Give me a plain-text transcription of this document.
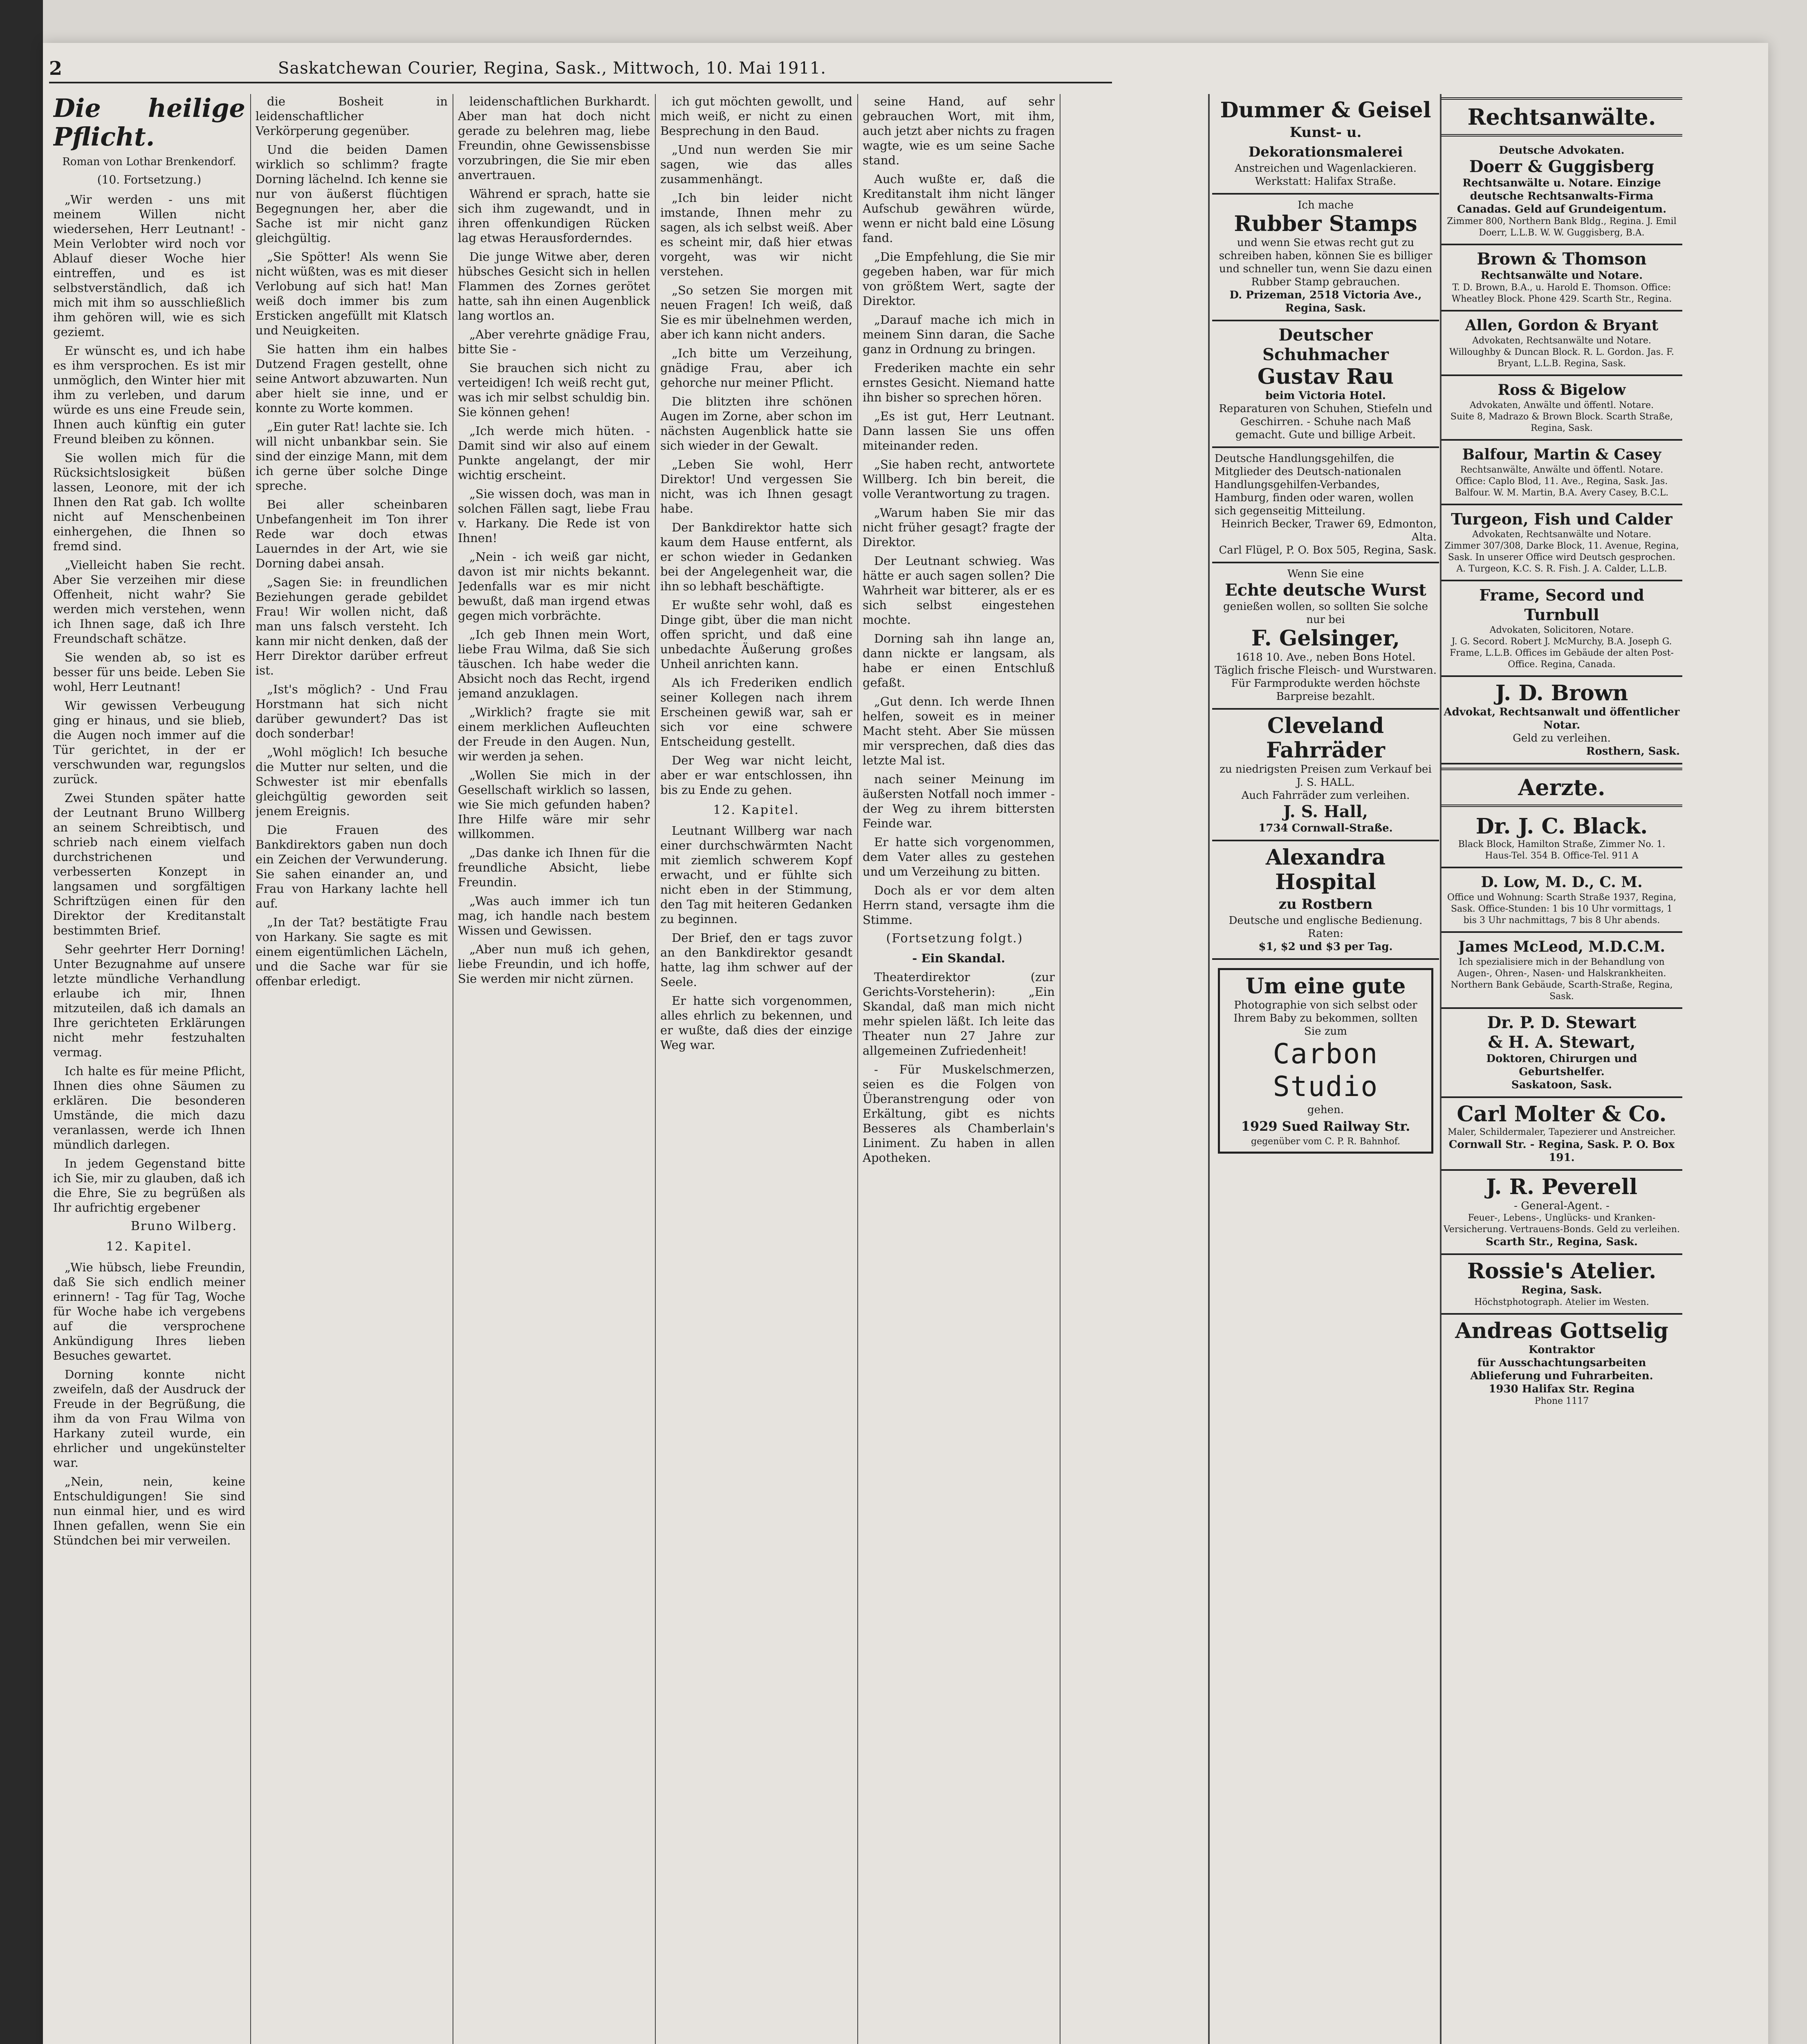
2	Saskatchewan Courier, Regina, Sask., Mittwoch, 10. Mai 1911.
Die heilige Pflicht.
Roman von Lothar Brenkendorf.
(10. Fortsetzung.)

„Wir werden - uns mit meinem Willen nicht wiedersehen, Herr Leutnant! - Mein Verlobter wird noch vor Ablauf dieser Woche hier eintreffen, und es ist selbstverständlich, daß ich mich mit ihm so ausschließlich ihm gehören will, wie es sich geziemt.

Er wünscht es, und ich habe es ihm versprochen. Es ist mir unmöglich, den Winter hier mit ihm zu verleben, und darum würde es uns eine Freude sein, Ihnen auch künftig ein guter Freund bleiben zu können.

Sie wollen mich für die Rücksichtslosigkeit büßen lassen, Leonore, mit der ich Ihnen den Rat gab. Ich wollte nicht auf Menschenbeinen einhergehen, die Ihnen so fremd sind.

„Vielleicht haben Sie recht. Aber Sie verzeihen mir diese Offenheit, nicht wahr? Sie werden mich verstehen, wenn ich Ihnen sage, daß ich Ihre Freundschaft schätze.

Sie wenden ab, so ist es besser für uns beide. Leben Sie wohl, Herr Leutnant!

Wir gewissen Verbeugung ging er hinaus, und sie blieb, die Augen noch immer auf die Tür gerichtet, in der er verschwunden war, regungslos zurück.

Zwei Stunden später hatte der Leutnant Bruno Willberg an seinem Schreibtisch, und schrieb nach einem vielfach durchstrichenen und verbesserten Konzept in langsamen und sorgfältigen Schriftzügen einen für den Direktor der Kreditanstalt bestimmten Brief.

Sehr geehrter Herr Dorning! Unter Bezugnahme auf unsere letzte mündliche Verhandlung erlaube ich mir, Ihnen mitzuteilen, daß ich damals an Ihre gerichteten Erklärungen nicht mehr festzuhalten vermag.

Ich halte es für meine Pflicht, Ihnen dies ohne Säumen zu erklären. Die besonderen Umstände, die mich dazu veranlassen, werde ich Ihnen mündlich darlegen.

In jedem Gegenstand bitte ich Sie, mir zu glauben, daß ich die Ehre, Sie zu begrüßen als Ihr aufrichtig ergebener

Bruno Wilberg.
12. Kapitel.

„Wie hübsch, liebe Freundin, daß Sie sich endlich meiner erinnern! - Tag für Tag, Woche für Woche habe ich vergebens auf die versprochene Ankündigung Ihres lieben Besuches gewartet.

Dorning konnte nicht zweifeln, daß der Ausdruck der Freude in der Begrüßung, die ihm da von Frau Wilma von Harkany zuteil wurde, ein ehrlicher und ungekünstelter war.

„Nein, nein, keine Entschuldigungen! Sie sind nun einmal hier, und es wird Ihnen gefallen, wenn Sie ein Stündchen bei mir verweilen.

die Bosheit in leidenschaftlicher Verkörperung gegenüber.

Und die beiden Damen wirklich so schlimm? fragte Dorning lächelnd. Ich kenne sie nur von äußerst flüchtigen Begegnungen her, aber die Sache ist mir nicht ganz gleichgültig.

„Sie Spötter! Als wenn Sie nicht wüßten, was es mit dieser Verlobung auf sich hat! Man weiß doch immer bis zum Ersticken angefüllt mit Klatsch und Neuigkeiten.

Sie hatten ihm ein halbes Dutzend Fragen gestellt, ohne seine Antwort abzuwarten. Nun aber hielt sie inne, und er konnte zu Worte kommen.

„Ein guter Rat! lachte sie. Ich will nicht unbankbar sein. Sie sind der einzige Mann, mit dem ich gerne über solche Dinge spreche.

Bei aller scheinbaren Unbefangenheit im Ton ihrer Rede war doch etwas Lauerndes in der Art, wie sie Dorning dabei ansah.

„Sagen Sie: in freundlichen Beziehungen gerade gebildet Frau! Wir wollen nicht, daß man uns falsch versteht. Ich kann mir nicht denken, daß der Herr Direktor darüber erfreut ist.

„Ist's möglich? - Und Frau Horstmann hat sich nicht darüber gewundert? Das ist doch sonderbar!

„Wohl möglich! Ich besuche die Mutter nur selten, und die Schwester ist mir ebenfalls gleichgültig geworden seit jenem Ereignis.

Die Frauen des Bankdirektors gaben nun doch ein Zeichen der Verwunderung. Sie sahen einander an, und Frau von Harkany lachte hell auf.

„In der Tat? bestätigte Frau von Harkany. Sie sagte es mit einem eigentümlichen Lächeln, und die Sache war für sie offenbar erledigt.

leidenschaftlichen Burkhardt. Aber man hat doch nicht gerade zu belehren mag, liebe Freundin, ohne Gewissensbisse vorzubringen, die Sie mir eben anvertrauen.

Während er sprach, hatte sie sich ihm zugewandt, und in ihren offenkundigen Rücken lag etwas Herausforderndes.

Die junge Witwe aber, deren hübsches Gesicht sich in hellen Flammen des Zornes gerötet hatte, sah ihn einen Augenblick lang wortlos an.

„Aber verehrte gnädige Frau, bitte Sie -

Sie brauchen sich nicht zu verteidigen! Ich weiß recht gut, was ich mir selbst schuldig bin. Sie können gehen!

„Ich werde mich hüten. - Damit sind wir also auf einem Punkte angelangt, der mir wichtig erscheint.

„Sie wissen doch, was man in solchen Fällen sagt, liebe Frau v. Harkany. Die Rede ist von Ihnen!

„Nein - ich weiß gar nicht, davon ist mir nichts bekannt. Jedenfalls war es mir nicht bewußt, daß man irgend etwas gegen mich vorbrächte.

„Ich geb Ihnen mein Wort, liebe Frau Wilma, daß Sie sich täuschen. Ich habe weder die Absicht noch das Recht, irgend jemand anzuklagen.

„Wirklich? fragte sie mit einem merklichen Aufleuchten der Freude in den Augen. Nun, wir werden ja sehen.

„Wollen Sie mich in der Gesellschaft wirklich so lassen, wie Sie mich gefunden haben? Ihre Hilfe wäre mir sehr willkommen.

„Das danke ich Ihnen für die freundliche Absicht, liebe Freundin.

„Was auch immer ich tun mag, ich handle nach bestem Wissen und Gewissen.

„Aber nun muß ich gehen, liebe Freundin, und ich hoffe, Sie werden mir nicht zürnen.

ich gut möchten gewollt, und mich weiß, er nicht zu einen Besprechung in den Baud.

„Und nun werden Sie mir sagen, wie das alles zusammenhängt.

„Ich bin leider nicht imstande, Ihnen mehr zu sagen, als ich selbst weiß. Aber es scheint mir, daß hier etwas vorgeht, was wir nicht verstehen.

„So setzen Sie morgen mit neuen Fragen! Ich weiß, daß Sie es mir übelnehmen werden, aber ich kann nicht anders.

„Ich bitte um Verzeihung, gnädige Frau, aber ich gehorche nur meiner Pflicht.

Die blitzten ihre schönen Augen im Zorne, aber schon im nächsten Augenblick hatte sie sich wieder in der Gewalt.

„Leben Sie wohl, Herr Direktor! Und vergessen Sie nicht, was ich Ihnen gesagt habe.

Der Bankdirektor hatte sich kaum dem Hause entfernt, als er schon wieder in Gedanken bei der Angelegenheit war, die ihn so lebhaft beschäftigte.

Er wußte sehr wohl, daß es Dinge gibt, über die man nicht offen spricht, und daß eine unbedachte Äußerung großes Unheil anrichten kann.

Als ich Frederiken endlich seiner Kollegen nach ihrem Erscheinen gewiß war, sah er sich vor eine schwere Entscheidung gestellt.

Der Weg war nicht leicht, aber er war entschlossen, ihn bis zu Ende zu gehen.

12. Kapitel.

Leutnant Willberg war nach einer durchschwärmten Nacht mit ziemlich schwerem Kopf erwacht, und er fühlte sich nicht eben in der Stimmung, den Tag mit heiteren Gedanken zu beginnen.

Der Brief, den er tags zuvor an den Bankdirektor gesandt hatte, lag ihm schwer auf der Seele.

Er hatte sich vorgenommen, alles ehrlich zu bekennen, und er wußte, daß dies der einzige Weg war.

seine Hand, auf sehr gebrauchen Wort, mit ihm, auch jetzt aber nichts zu fragen wagte, wie es um seine Sache stand.

Auch wußte er, daß die Kreditanstalt ihm nicht länger Aufschub gewähren würde, wenn er nicht bald eine Lösung fand.

„Die Empfehlung, die Sie mir gegeben haben, war für mich von größtem Wert, sagte der Direktor.

„Darauf mache ich mich in meinem Sinn daran, die Sache ganz in Ordnung zu bringen.

Frederiken machte ein sehr ernstes Gesicht. Niemand hatte ihn bisher so sprechen hören.

„Es ist gut, Herr Leutnant. Dann lassen Sie uns offen miteinander reden.

„Sie haben recht, antwortete Willberg. Ich bin bereit, die volle Verantwortung zu tragen.

„Warum haben Sie mir das nicht früher gesagt? fragte der Direktor.

Der Leutnant schwieg. Was hätte er auch sagen sollen? Die Wahrheit war bitterer, als er es sich selbst eingestehen mochte.

Dorning sah ihn lange an, dann nickte er langsam, als habe er einen Entschluß gefaßt.

„Gut denn. Ich werde Ihnen helfen, soweit es in meiner Macht steht. Aber Sie müssen mir versprechen, daß dies das letzte Mal ist.

nach seiner Meinung im äußersten Notfall noch immer - der Weg zu ihrem bittersten Feinde war.

Er hatte sich vorgenommen, dem Vater alles zu gestehen und um Verzeihung zu bitten.

Doch als er vor dem alten Herrn stand, versagte ihm die Stimme.

(Fortsetzung folgt.)

- Ein Skandal.

Theaterdirektor (zur Gerichts-Vorsteherin): „Ein Skandal, daß man mich nicht mehr spielen läßt. Ich leite das Theater nun 27 Jahre zur allgemeinen Zufriedenheit!

- Für Muskelschmerzen, seien es die Folgen von Überanstrengung oder von Erkältung, gibt es nichts Besseres als Chamberlain's Liniment. Zu haben in allen Apotheken.

Dummer & Geisel
Kunst- u. Dekorationsmalerei
Anstreichen und Wagenlackieren.
Werkstatt: Halifax Straße.
Ich mache
Rubber Stamps
und wenn Sie etwas recht gut zu schreiben haben, können Sie es billiger und schneller tun, wenn Sie dazu einen Rubber Stamp gebrauchen.
D. Prizeman, 2518 Victoria Ave., Regina, Sask.
Deutscher Schuhmacher
Gustav Rau
beim Victoria Hotel.
Reparaturen von Schuhen, Stiefeln und Geschirren. - Schuhe nach Maß gemacht. Gute und billige Arbeit.
Deutsche Handlungsgehilfen, die Mitglieder des Deutsch-nationalen Handlungsgehilfen-Verbandes, Hamburg, finden oder waren, wollen sich gegenseitig Mitteilung.
Heinrich Becker, Trawer 69, Edmonton, Alta.
Carl Flügel, P. O. Box 505, Regina, Sask.
Wenn Sie eine
Echte deutsche Wurst
genießen wollen, so sollten Sie solche nur bei
F. Gelsinger,
1618 10. Ave., neben Bons Hotel.
Täglich frische Fleisch- und Wurstwaren. Für Farmprodukte werden höchste Barpreise bezahlt.
Cleveland Fahrräder
zu niedrigsten Preisen zum Verkauf bei J. S. HALL.
Auch Fahrräder zum verleihen.
J. S. Hall,
1734 Cornwall-Straße.
Alexandra Hospital
zu Rostbern
Deutsche und englische Bedienung.
Raten:
$1, $2 und $3 per Tag.
Um eine gute
Photographie von sich selbst oder Ihrem Baby zu bekommen, sollten Sie zum
Carbon Studio
gehen.
1929 Sued Railway Str.
gegenüber vom C. P. R. Bahnhof.
Rechtsanwälte.
Deutsche Advokaten.
Doerr & Guggisberg
Rechtsanwälte u. Notare. Einzige deutsche Rechtsanwalts-Firma Canadas. Geld auf Grundeigentum.
Zimmer 800, Northern Bank Bldg., Regina. J. Emil Doerr, L.L.B. W. W. Guggisberg, B.A.
Brown & Thomson
Rechtsanwälte und Notare.
T. D. Brown, B.A., u. Harold E. Thomson. Office: Wheatley Block. Phone 429. Scarth Str., Regina.
Allen, Gordon & Bryant
Advokaten, Rechtsanwälte und Notare.
Willoughby & Duncan Block. R. L. Gordon. Jas. F. Bryant, L.L.B. Regina, Sask.
Ross & Bigelow
Advokaten, Anwälte und öffentl. Notare.
Suite 8, Madrazo & Brown Block. Scarth Straße, Regina, Sask.
Balfour, Martin & Casey
Rechtsanwälte, Anwälte und öffentl. Notare.
Office: Caplo Blod, 11. Ave., Regina, Sask. Jas. Balfour. W. M. Martin, B.A. Avery Casey, B.C.L.
Turgeon, Fish und Calder
Advokaten, Rechtsanwälte und Notare.
Zimmer 307/308, Darke Block, 11. Avenue, Regina, Sask. In unserer Office wird Deutsch gesprochen. A. Turgeon, K.C. S. R. Fish. J. A. Calder, L.L.B.
Frame, Secord und Turnbull
Advokaten, Solicitoren, Notare.
J. G. Secord. Robert J. McMurchy, B.A. Joseph G. Frame, L.L.B. Offices im Gebäude der alten Post-Office. Regina, Canada.
J. D. Brown
Advokat, Rechtsanwalt und öffentlicher Notar.
Geld zu verleihen.
Rosthern, Sask.
Aerzte.
Dr. J. C. Black.
Black Block, Hamilton Straße, Zimmer No. 1.
Haus-Tel. 354 B. Office-Tel. 911 A
D. Low, M. D., C. M.
Office und Wohnung: Scarth Straße 1937, Regina, Sask. Office-Stunden: 1 bis 10 Uhr vormittags, 1 bis 3 Uhr nachmittags, 7 bis 8 Uhr abends.
James McLeod, M.D.C.M.
Ich spezialisiere mich in der Behandlung von Augen-, Ohren-, Nasen- und Halskrankheiten. Northern Bank Gebäude, Scarth-Straße, Regina, Sask.
Dr. P. D. Stewart
& H. A. Stewart,
Doktoren, Chirurgen und Geburtshelfer.
Saskatoon, Sask.
Carl Molter & Co.
Maler, Schildermaler, Tapezierer und Anstreicher.
Cornwall Str. - Regina, Sask. P. O. Box 191.
J. R. Peverell
- General-Agent. -
Feuer-, Lebens-, Unglücks- und Kranken-Versicherung. Vertrauens-Bonds. Geld zu verleihen.
Scarth Str., Regina, Sask.
Rossie's Atelier.
Regina, Sask.
Höchstphotograph. Atelier im Westen.
Andreas Gottselig
Kontraktor
für Ausschachtungsarbeiten Ablieferung und Fuhrarbeiten.
1930 Halifax Str. Regina
Phone 1117
